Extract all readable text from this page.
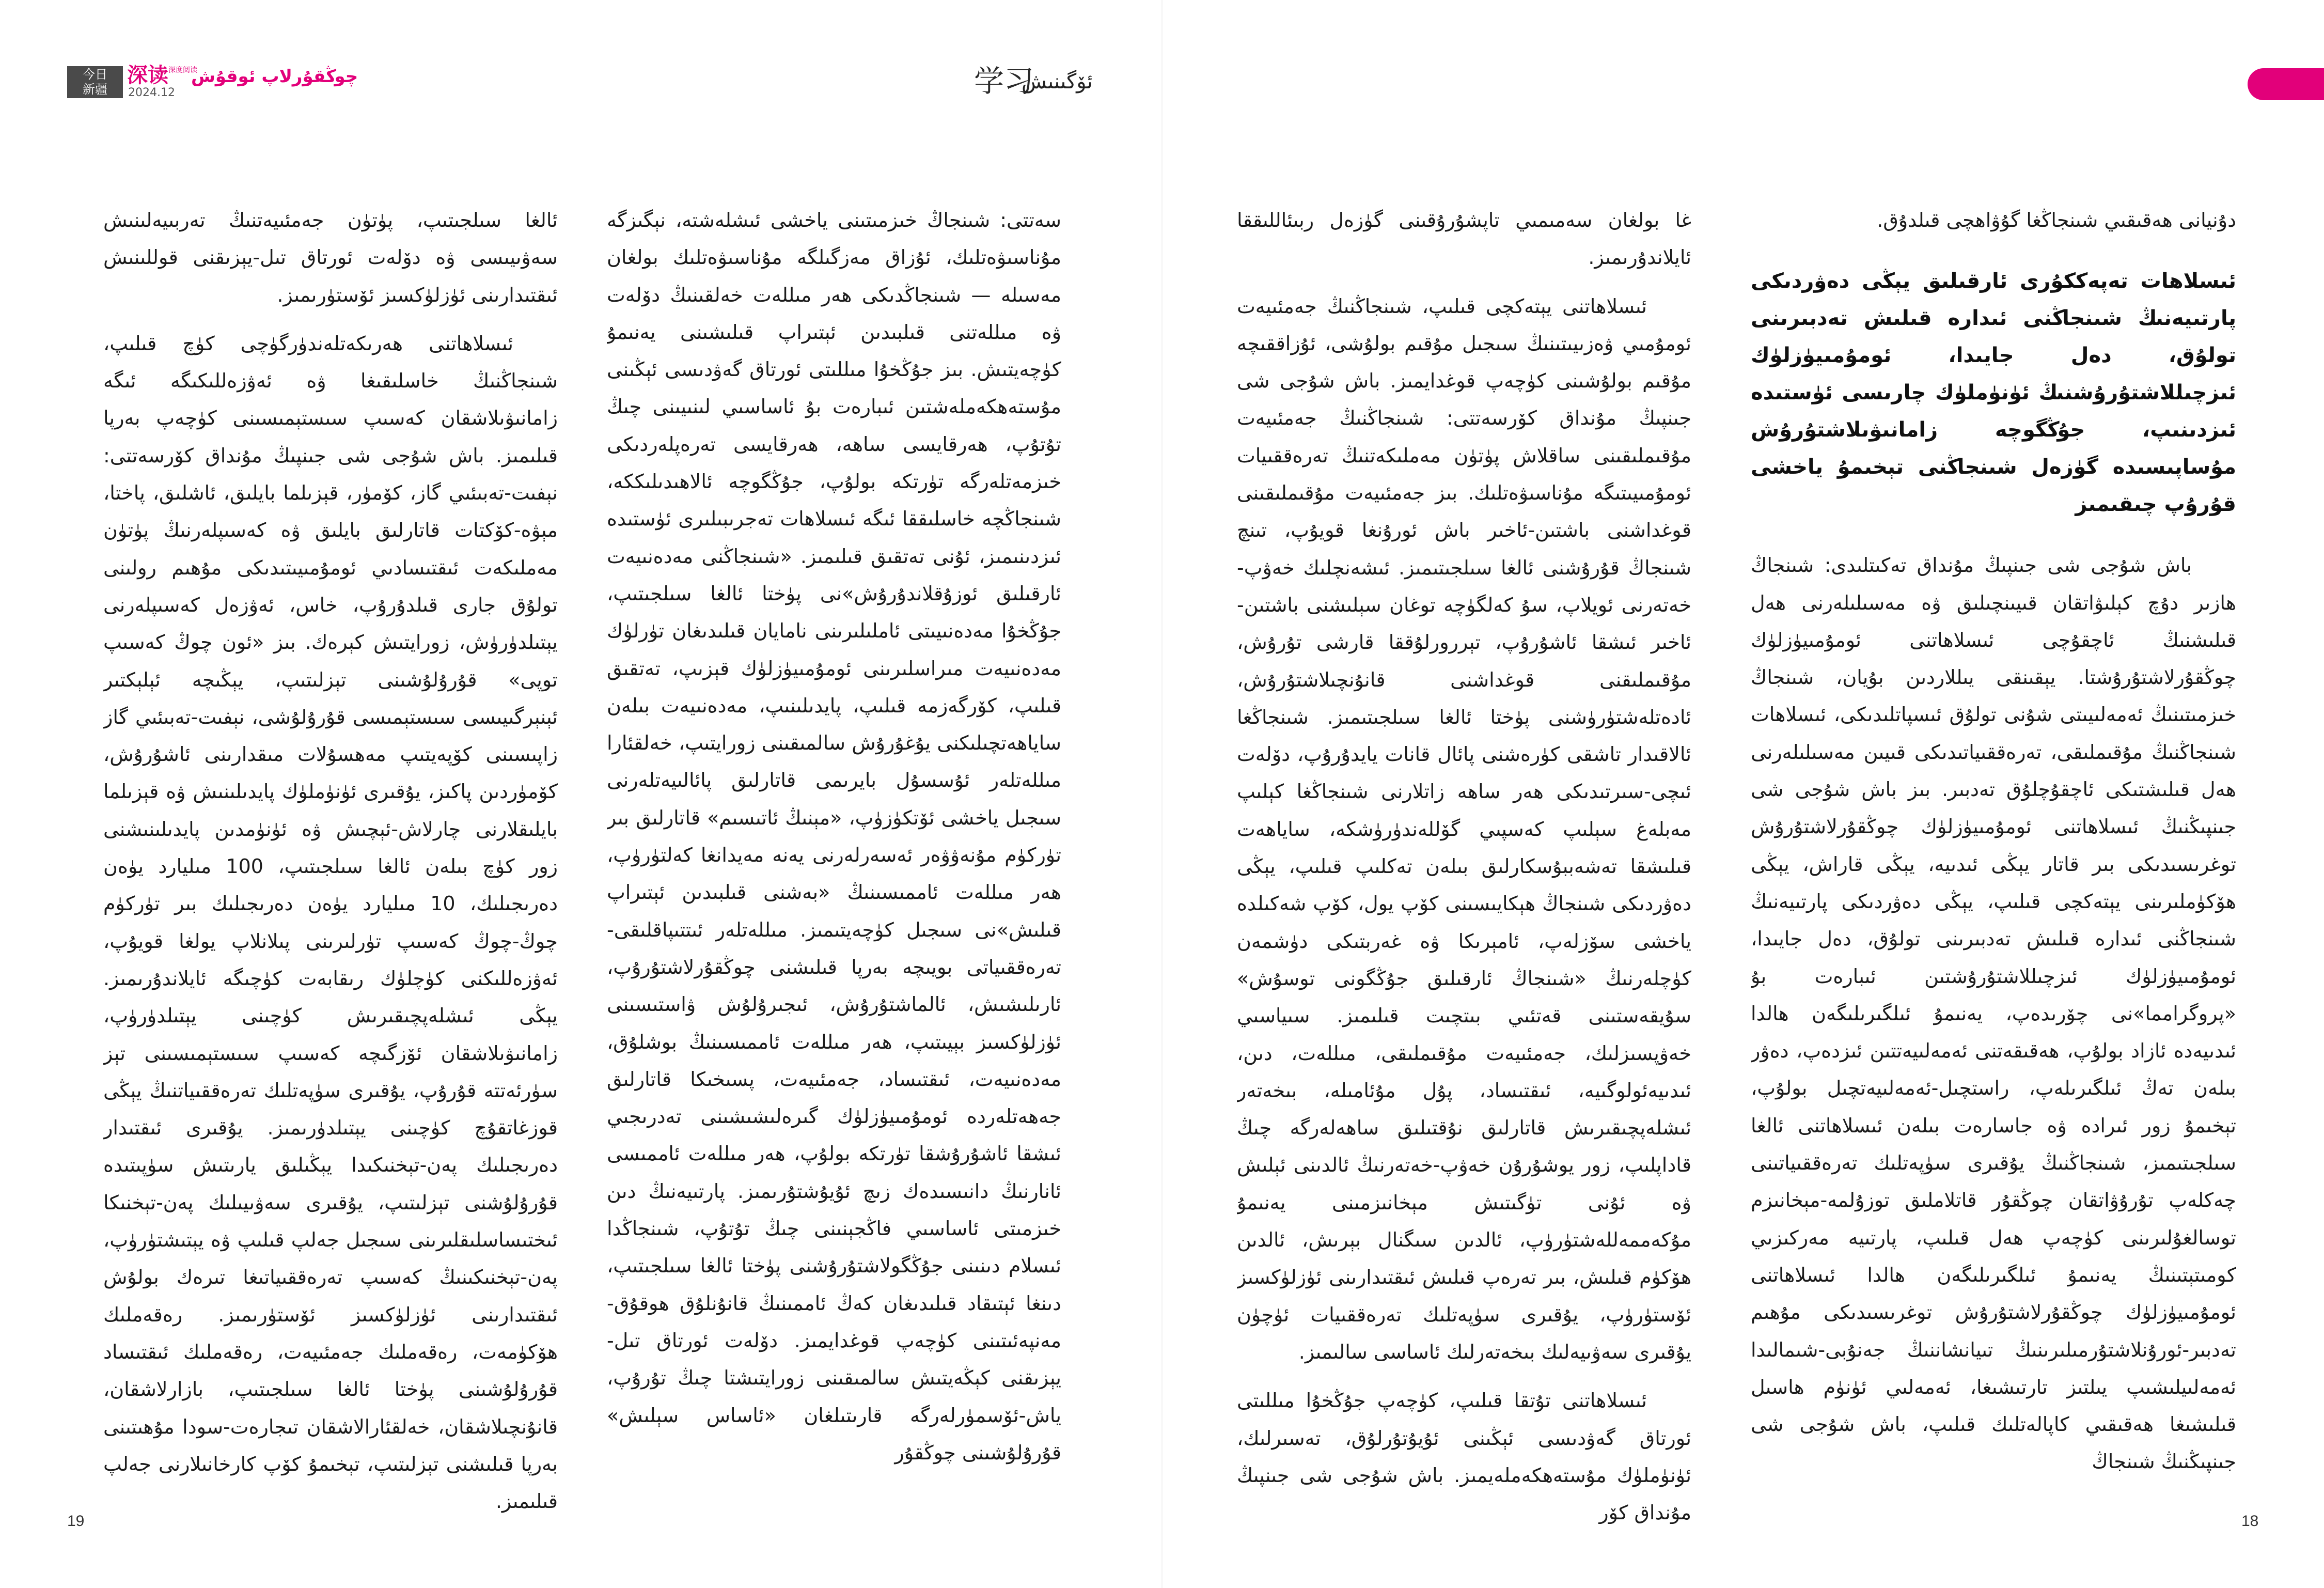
今日
新疆
深读 深度阅读
2024.12
چوڭقۇرلاپ ئوقۇش

ئالغا سىلجىتىپ، پۈتۈن جەمئىيەتنىڭ تەربىيەلىنىش سەۋىيىسى ۋە دۆلەت ئورتاق تىل-يېزىقنى قوللىنىش ئىقتىدارىنى ئۈزلۈكسىز ئۆستۈرىمىز.

ئىسلاھاتنى ھەرىكەتلەندۈرگۈچى كۈچ قىلىپ، شىنجاڭنىڭ خاسلىقىغا ۋە ئەۋزەللىكىگە ئىگە زامانىۋىلاشقان كەسىپ سىستېمىسىنى كۈچەپ بەرپا قىلىمىز. باش شۇجى شى جىنپىڭ مۇنداق كۆرسەتتى: نېفىت-تەبىئىي گاز، كۆمۈر، قېزىلما بايلىق، ئاشلىق، پاختا، مېۋە-كۆكتات قاتارلىق بايلىق ۋە كەسىپلەرنىڭ پۈتۈن مەملىكەت ئىقتىسادىي ئومۇمىيىتىدىكى مۇھىم رولىنى تولۇق جارى قىلدۇرۇپ، خاس، ئەۋزەل كەسىپلەرنى يېتىلدۈرۈش، زورايتىش كېرەك. بىز «ئون چوڭ كەسىپ توپى» قۇرۇلۇشىنى تېزلىتىپ، يېڭىچە ئېلېكتىر ئېنېرگىيىسى سىستېمىسى قۇرۇلۇشى، نېفىت-تەبىئىي گاز زاپىسىنى كۆپەيتىپ مەھسۇلات مىقدارىنى ئاشۇرۇش، كۆمۈردىن پاكىز، يۇقىرى ئۈنۈملۈك پايدىلىنىش ۋە قېزىلما بايلىقلارنى چارلاش-ئېچىش ۋە ئۈنۈمدىن پايدىلىنىشنى زور كۈچ بىلەن ئالغا سىلجىتىپ، 100 مىليارد يۈەن دەرىجىلىك، 10 مىليارد يۈەن دەرىجىلىك بىر تۈركۈم چوڭ-چوڭ كەسىپ تۈرلىرىنى پىلانلاپ يولغا قويۇپ، ئەۋزەللىكنى كۈچلۈك رىقابەت كۈچىگە ئايلاندۇرىمىز. يېڭى ئىشلەپچىقىرىش كۈچىنى يېتىلدۈرۈپ، زامانىۋىلاشقان ئۆزگىچە كەسىپ سىستېمىسىنى تېز سۈرئەتتە قۇرۇپ، يۇقىرى سۈپەتلىك تەرەققىياتنىڭ يېڭى قوزغاتقۇچ كۈچىنى يېتىلدۈرىمىز. يۇقىرى ئىقتىدار دەرىجىلىك پەن-تېخنىكىدا يېڭىلىق يارىتىش سۈپىتىدە قۇرۇلۇشنى تېزلىتىپ، يۇقىرى سەۋىيىلىك پەن-تېخنىكا ئىختىساسلىقلىرىنى سىجىل جەلپ قىلىپ ۋە يېتىشتۈرۈپ، پەن-تېخنىكىنىڭ كەسىپ تەرەققىياتىغا تىرەك بولۇش ئىقتىدارىنى ئۈزلۈكسىز ئۆستۈرىمىز. رەقەملىك ھۆكۈمەت، رەقەملىك جەمئىيەت، رەقەملىك ئىقتىساد قۇرۇلۇشىنى پۈختا ئالغا سىلجىتىپ، بازارلاشقان، قانۇنچىلاشقان، خەلقئارالاشقان تىجارەت-سودا مۇھىتىنى بەرپا قىلىشنى تېزلىتىپ، تېخىمۇ كۆپ كارخانىلارنى جەلپ قىلىمىز.

سەتتى: شىنجاڭ خىزمىتىنى ياخشى ئىشلەشتە، نېگىزگە مۇناسىۋەتلىك، ئۇزاق مەزگىلگە مۇناسىۋەتلىك بولغان مەسىلە — شىنجاڭدىكى ھەر مىللەت خەلقىنىڭ دۆلەت ۋە مىللەتنى قىلبىدىن ئېتىراپ قىلىشىنى يەنىمۇ كۈچەيتىش. بىز جۇڭخۇا مىللىتى ئورتاق گەۋدىسى ئېڭىنى مۇستەھكەملەشتىن ئىبارەت بۇ ئاساسىي لىنىيىنى چىڭ تۇتۇپ، ھەرقايسى ساھە، ھەرقايسى تەرەپلەردىكى خىزمەتلەرگە تۈرتكە بولۇپ، جۇڭگوچە ئالاھىدىلىككە، شىنجاڭچە خاسلىققا ئىگە ئىسلاھات تەجرىبىلىرى ئۈستىدە ئىزدىنىمىز، ئۇنى تەتقىق قىلىمىز. «شىنجاڭنى مەدەنىيەت ئارقىلىق ئوزۇقلاندۇرۇش»نى پۈختا ئالغا سىلجىتىپ، جۇڭخۇا مەدەنىيىتى ئاملىلىرىنى نامايان قىلىدىغان تۈرلۈك مەدەنىيەت مىراسلىرىنى ئومۇمىيۈزلۈك قېزىپ، تەتقىق قىلىپ، كۆرگەزمە قىلىپ، پايدىلىنىپ، مەدەنىيەت بىلەن ساياھەتچىلىكنى يۇغۇرۇش سالمىقىنى زورايتىپ، خەلقئارا مىللەتلەر ئۇسسۇل بايرىمى قاتارلىق پائالىيەتلەرنى سىجىل ياخشى ئۆتكۈزۈپ، «مېنىڭ ئاتىسىم» قاتارلىق بىر تۈركۈم مۇنەۋۋەر ئەسەرلەرنى يەنە مەيدانغا كەلتۈرۈپ، ھەر مىللەت ئاممىسىنىڭ «بەشنى قىلبىدىن ئېتىراپ قىلىش»نى سىجىل كۈچەيتىمىز. مىللەتلەر ئىتتىپاقلىقى-تەرەققىياتى بويىچە بەرپا قىلىشنى چوڭقۇرلاشتۇرۇپ، ئارىلىشىش، ئالماشتۇرۇش، ئىجىرۇلۇش ۋاستىسىنى ئۈزلۈكسىز بېيىتىپ، ھەر مىللەت ئاممىسىنىڭ بوشلۇق، مەدەنىيەت، ئىقتىساد، جەمئىيەت، پسىخىكا قاتارلىق جەھەتلەردە ئومۇمىيۈزلۈك گىرەلىشىشىنى تەدرىجىي ئىشقا ئاشۇرۇشقا تۈرتكە بولۇپ، ھەر مىللەت ئاممىسى ئانارنىڭ دانىسىدەك زىچ ئۇيۇشتۇرىمىز. پارتىيەنىڭ دىن خىزمىتى ئاساسىي فاڭجېنىنى چىڭ تۇتۇپ، شىنجاڭدا ئىسلام دىنىنى جۇڭگولاشتۇرۇشنى پۈختا ئالغا سىلجىتىپ، دىنغا ئېتىقاد قىلىدىغان كەڭ ئاممىنىڭ قانۇنلۇق ھوقۇق-مەنپەئىتىنى كۈچەپ قوغدايمىز. دۆلەت ئورتاق تىل-يېزىقنى كېڭەيتىش سالمىقىنى زورايتىشتا چىڭ تۇرۇپ، ياش-ئۆسمۈرلەرگە قارىتىلغان «ئاساس سېلىش» قۇرۇلۇشىنى چوڭقۇر

19
学习
ئۆگىنىش

غا بولغان سەمىمىي تاپشۇرۇقىنى گۈزەل ربىئاللىققا ئايلاندۇرىمىز.

ئىسلاھاتنى يېتەكچى قىلىپ، شىنجاڭنىڭ جەمئىيەت ئومۇمىي ۋەزىيىتىنىڭ سىجىل مۇقىم بولۇشى، ئۇزاققىچە مۇقىم بولۇشىنى كۈچەپ قوغدايمىز. باش شۇجى شى جىنپىڭ مۇنداق كۆرسەتتى: شىنجاڭنىڭ جەمئىيەت مۇقىملىقىنى ساقلاش پۈتۈن مەملىكەتنىڭ تەرەققىيات ئومۇمىيىتىگە مۇناسىۋەتلىك. بىز جەمئىيەت مۇقىملىقىنى قوغداشنى باشتىن-ئاخىر باش ئورۇنغا قويۇپ، تىنچ شىنجاڭ قۇرۇشنى ئالغا سىلجىتىمىز. ئىشەنچلىك خەۋپ-خەتەرنى ئويلاپ، سۇ كەلگۈچە توغان سېلىشنى باشتىن-ئاخىر ئىشقا ئاشۇرۇپ، تېررورلۇققا قارشى تۇرۇش، مۇقىملىقنى قوغداشنى قانۇنچىلاشتۇرۇش، ئادەتلەشتۈرۈشنى پۈختا ئالغا سىلجىتىمىز. شىنجاڭغا ئالاقىدار تاشقى كۈرەشنى پائال قانات يايدۇرۇپ، دۆلەت ئىچى-سىرتىدىكى ھەر ساھە زاتلارنى شىنجاڭغا كېلىپ مەبلەغ سېلىپ كەسپىي گۆللەندۈرۈشكە، ساياھەت قىلىشقا تەشەببۇسكارلىق بىلەن تەكلىپ قىلىپ، يېڭى دەۋردىكى شىنجاڭ ھېكايىسىنى كۆپ يول، كۆپ شەكىلدە ياخشى سۆزلەپ، ئامېرىكا ۋە غەربتىكى دۈشمەن كۈچلەرنىڭ «شىنجاڭ ئارقىلىق جۇڭگونى توسۇش» سۇيقەستىنى قەتئىي بىتچىت قىلىمىز. سىياسىي خەۋپسىزلىك، جەمئىيەت مۇقىملىقى، مىللەت، دىن، ئىدىيەئولوگىيە، ئىقتىساد، پۇل مۇئامىلە، بىخەتەر ئىشلەپچىقىرىش قاتارلىق نۇقتىلىق ساھەلەرگە چىڭ قاداپلىپ، زور يوشۇرۇن خەۋپ-خەتەرنىڭ ئالدىنى ئېلىش ۋە ئۇنى تۈگىتىش مېخانىزمىنى يەنىمۇ مۇكەممەللەشتۈرۈپ، ئالدىن سىگنال بېرىش، ئالدىن ھۆكۈم قىلىش، بىر تەرەپ قىلىش ئىقتىدارىنى ئۈزلۈكسىز ئۆستۈرۈپ، يۇقىرى سۈپەتلىك تەرەققىيات ئۈچۈن يۇقىرى سەۋىيەلىك بىخەتەرلىك ئاساسى سالىمىز.

ئىسلاھاتنى تۇتقا قىلىپ، كۈچەپ جۇڭخۇا مىللىتى ئورتاق گەۋدىسى ئېڭىنى ئۇيۇتۇرلۇق، تەسىرلىك، ئۈنۈملۈك مۇستەھكەملەيمىز. باش شۇجى شى جىنپىڭ مۇنداق كۆر

دۇنيانى ھەقىقىي شىنجاڭغا گۇۋاھچى قىلدۇق.

ئىسلاھات تەپەككۇرى ئارقىلىق يېڭى دەۋردىكى پارتىيەنىڭ شىنجاڭنى ئىدارە قىلىش تەدبىرىنى تولۇق، دەل جايىدا، ئومۇمىيۈزلۈك ئىزچىللاشتۇرۇشنىڭ ئۈنۈملۈك چارىسى ئۈستىدە ئىزدىنىپ، جۇڭگوچە زامانىۋىلاشتۇرۇش مۇساپىسىدە گۈزەل شىنجاڭنى تېخىمۇ ياخشى قۇرۇپ چىقىمىز

باش شۇجى شى جىنپىڭ مۇنداق تەكىتلىدى: شىنجاڭ ھازىر دۇچ كېلىۋاتقان قىيىنچىلىق ۋە مەسىلىلەرنى ھەل قىلىشنىڭ ئاچقۇچى ئىسلاھاتنى ئومۇمىيۈزلۈك چوڭقۇرلاشتۇرۇشتا. يېقىنقى يىللاردىن بۇيان، شىنجاڭ خىزمىتىنىڭ ئەمەلىيىتى شۇنى تولۇق ئىسپاتلىدىكى، ئىسلاھات شىنجاڭنىڭ مۇقىملىقى، تەرەققىياتىدىكى قىيىن مەسىلىلەرنى ھەل قىلىشتىكى ئاچقۇچلۇق تەدبىر. بىز باش شۇجى شى جىنپىڭنىڭ ئىسلاھاتنى ئومۇمىيۈزلۈك چوڭقۇرلاشتۇرۇش توغرىسىدىكى بىر قاتار يېڭى ئىدىيە، يېڭى قاراش، يېڭى ھۆكۈملىرىنى يېتەكچى قىلىپ، يېڭى دەۋردىكى پارتىيەنىڭ شىنجاڭنى ئىدارە قىلىش تەدبىرىنى تولۇق، دەل جايىدا، ئومۇمىيۈزلۈك ئىزچىللاشتۇرۇشتىن ئىبارەت بۇ «پروگرامما»نى چۆرىدەپ، يەنىمۇ ئىلگىرىلىگەن ھالدا ئىدىيەدە ئازاد بولۇپ، ھەقىقەتنى ئەمەلىيەتتىن ئىزدەپ، دەۋر بىلەن تەڭ ئىلگىرىلەپ، راستچىل-ئەمەلىيەتچىل بولۇپ، تېخىمۇ زور ئىرادە ۋە جاسارەت بىلەن ئىسلاھاتنى ئالغا سىلجىتىمىز، شىنجاڭنىڭ يۇقىرى سۈپەتلىك تەرەققىياتىنى چەكلەپ تۇرۇۋاتقان چوڭقۇر قاتلاملىق توزۇلمە-مېخانىزم توسالغۇلىرىنى كۈچەپ ھەل قىلىپ، پارتىيە مەركىزىي كومىتېتىنىڭ يەنىمۇ ئىلگىرىلىگەن ھالدا ئىسلاھاتنى ئومۇمىيۈزلۈك چوڭقۇرلاشتۇرۇش توغرىسىدىكى مۇھىم تەدبىر-ئورۇنلاشتۇرمىلىرىنىڭ تىيانشاننىڭ جەنۇبى-شىمالىدا ئەمەلىيلىشىپ يىلتىز تارتىشىغا، ئەمەلىي ئۈنۈم ھاسىل قىلىشىغا ھەقىقىي كاپالەتلىك قىلىپ، باش شۇجى شى جىنپىڭنىڭ شىنجاڭ

18
